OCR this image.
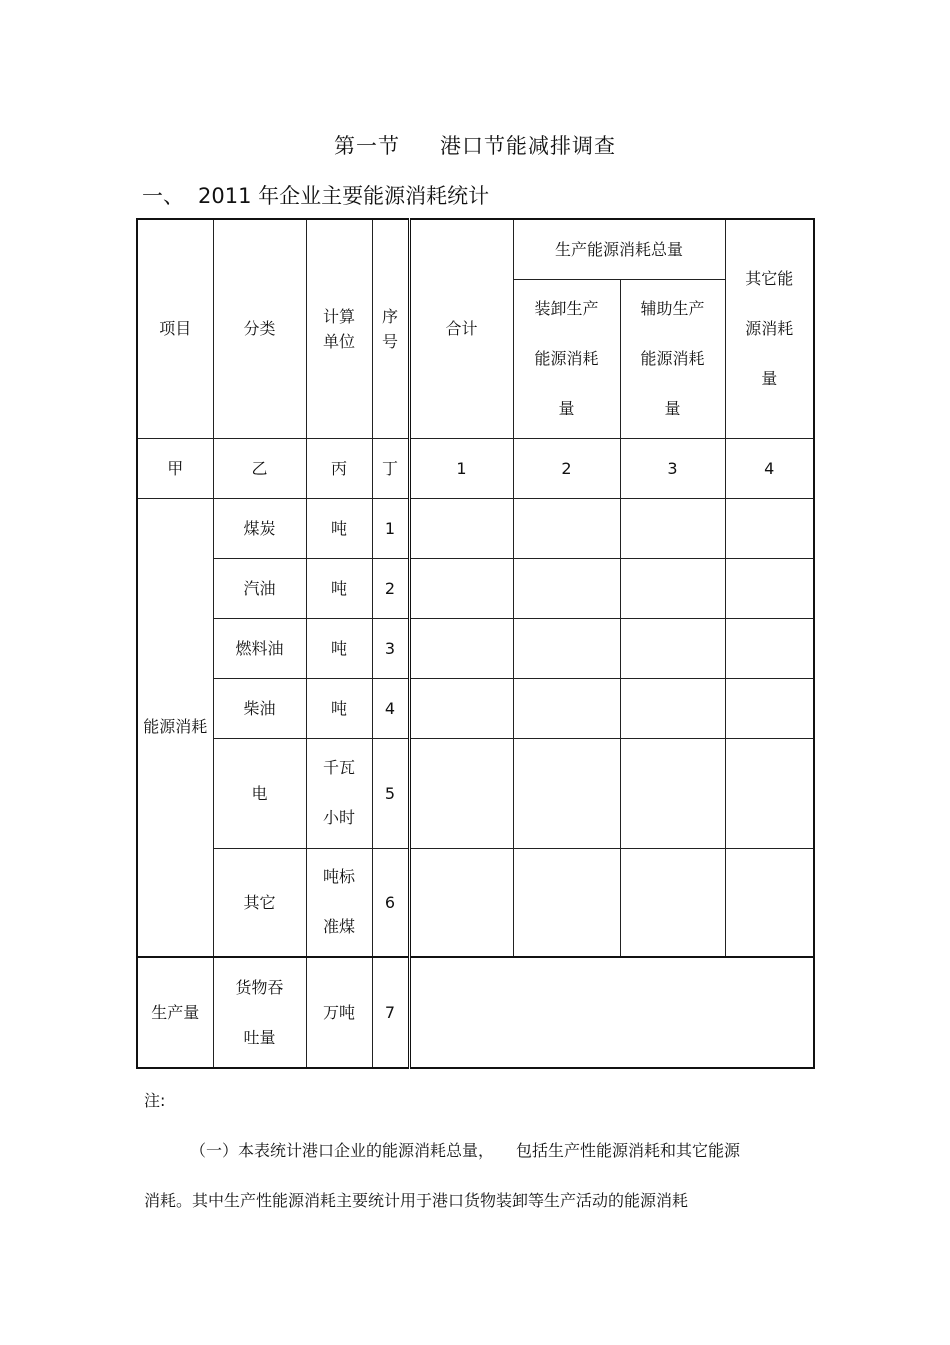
第一节 港口节能减排调查
一、 2011 年企业主要能源消耗统计
项目	分类	计算单位	序号	合计	生产能源消耗总量		其它能源消耗量
					装卸生产能源消耗量	辅助生产能源消耗量	
甲	乙	丙	丁	1	2	3	4
能源消耗	煤炭	吨	1				
	汽油	吨	2				
	燃料油	吨	3				
	柴油	吨	4				
	电	千瓦小时	5				
	其它	吨标准煤	6				
生产量	货物吞吐量	万吨	7				
注:
（一）本表统计港口企业的能源消耗总量， 包括生产性能源消耗和其它能源
消耗。其中生产性能源消耗主要统计用于港口货物装卸等生产活动的能源消耗
